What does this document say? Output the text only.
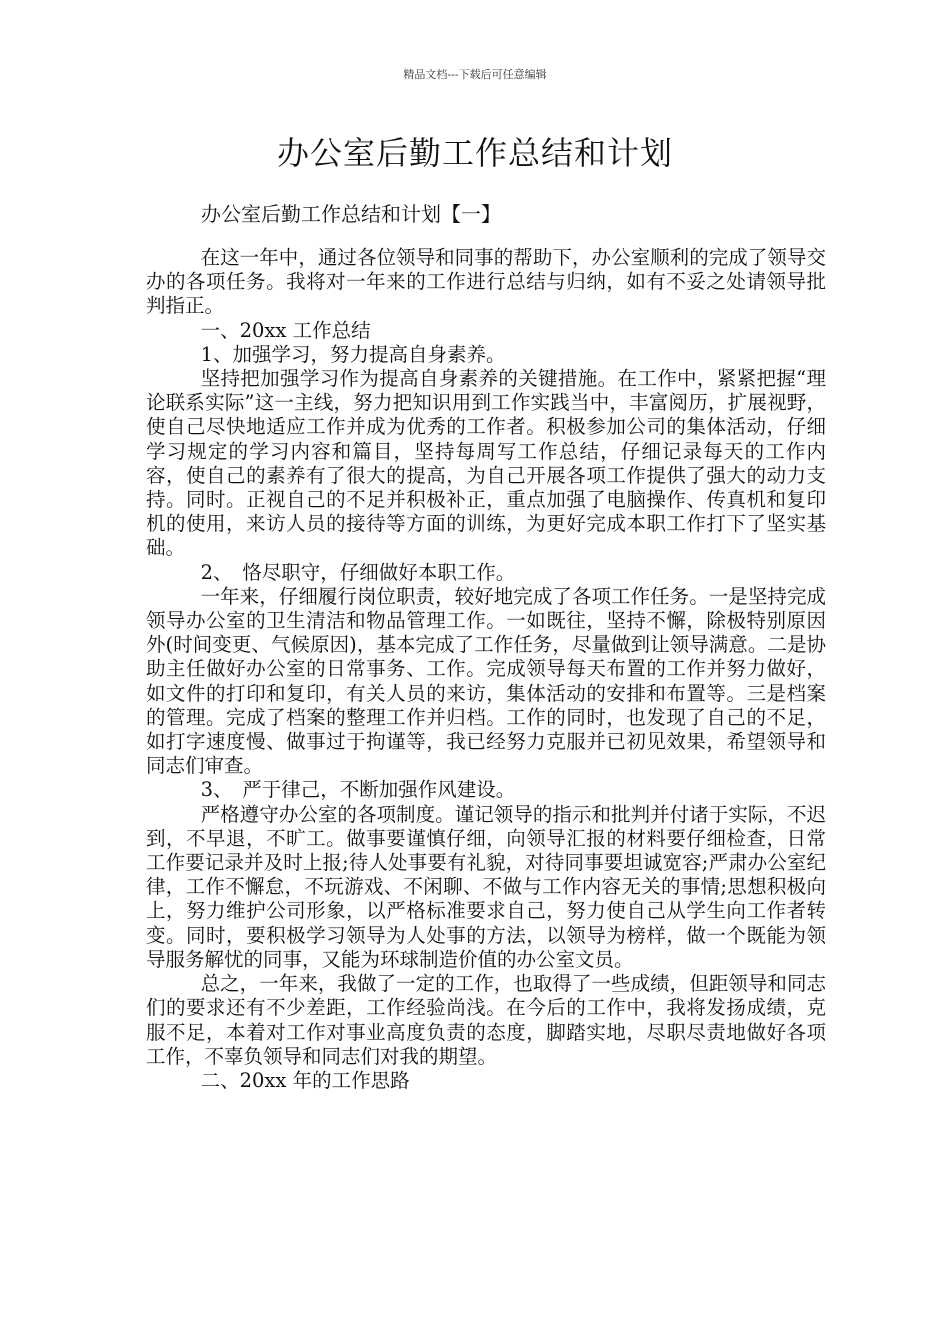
精品文档---下载后可任意编辑
办公室后勤工作总结和计划

办公室后勤工作总结和计划【一】

在这一年中，通过各位领导和同事的帮助下，办公室顺利的完成了领导交办的各项任务。我将对一年来的工作进行总结与归纳，如有不妥之处请领导批判指正。

一、20xx 工作总结

1、加强学习，努力提高自身素养。

坚持把加强学习作为提高自身素养的关键措施。在工作中，紧紧把握“理论联系实际”这一主线，努力把知识用到工作实践当中，丰富阅历，扩展视野，使自己尽快地适应工作并成为优秀的工作者。积极参加公司的集体活动，仔细学习规定的学习内容和篇目，坚持每周写工作总结，仔细记录每天的工作内容，使自己的素养有了很大的提高，为自己开展各项工作提供了强大的动力支持。同时。正视自己的不足并积极补正，重点加强了电脑操作、传真机和复印机的使用，来访人员的接待等方面的训练，为更好完成本职工作打下了坚实基础。

2、　恪尽职守，仔细做好本职工作。

一年来，仔细履行岗位职责，较好地完成了各项工作任务。一是坚持完成领导办公室的卫生清洁和物品管理工作。一如既往，坚持不懈，除极特别原因外(时间变更、气候原因)，基本完成了工作任务，尽量做到让领导满意。二是协助主任做好办公室的日常事务、工作。完成领导每天布置的工作并努力做好，如文件的打印和复印，有关人员的来访，集体活动的安排和布置等。三是档案的管理。完成了档案的整理工作并归档。工作的同时，也发现了自己的不足，如打字速度慢、做事过于拘谨等，我已经努力克服并已初见效果，希望领导和同志们审查。

3、　严于律己，不断加强作风建设。

严格遵守办公室的各项制度。谨记领导的指示和批判并付诸于实际，不迟到，不早退，不旷工。做事要谨慎仔细，向领导汇报的材料要仔细检查，日常工作要记录并及时上报;待人处事要有礼貌，对待同事要坦诚宽容;严肃办公室纪律，工作不懈怠，不玩游戏、不闲聊、不做与工作内容无关的事情;思想积极向上，努力维护公司形象，以严格标准要求自己，努力使自己从学生向工作者转变。同时，要积极学习领导为人处事的方法，以领导为榜样，做一个既能为领导服务解忧的同事，又能为环球制造价值的办公室文员。

总之，一年来，我做了一定的工作，也取得了一些成绩，但距领导和同志们的要求还有不少差距，工作经验尚浅。在今后的工作中，我将发扬成绩，克服不足，本着对工作对事业高度负责的态度，脚踏实地，尽职尽责地做好各项工作，不辜负领导和同志们对我的期望。

二、20xx 年的工作思路
